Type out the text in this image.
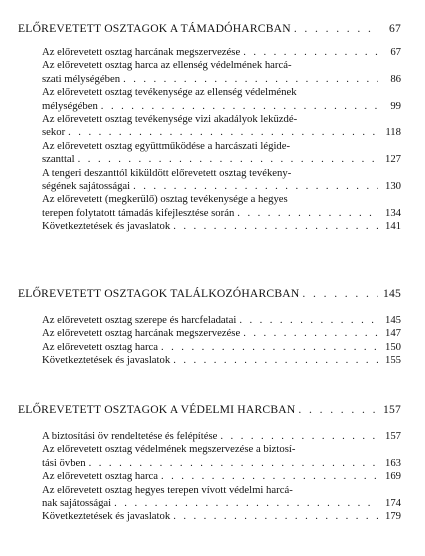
ELŐREVETETT OSZTAGOK A TÁMADÓHARCBAN . . .	67
Az előrevetett osztag harcának megszervezése . . .	67
Az előrevetett osztag harca az ellenség védelmének harcá-
szati mélységében . . .	86
Az előrevetett osztag tevékenysége az ellenség védelmének
mélységében . . .	99
Az előrevetett osztag tevékenysége vizi akadályok leküzdé-
sekor . . .	118
Az előrevetett osztag együttműködése a harcászati légide-
szanttal . . .	127
A tengeri deszanttól kiküldött előrevetett osztag tevékeny-
ségének sajátosságai . . .	130
Az előrevetett (megkerülő) osztag tevékenysége a hegyes
terepen folytatott támadás kifejlesztése során . . .	134
Következtetések és javaslatok . . .	141
ELŐREVETETT OSZTAGOK TALÁLKOZÓHARCBAN . . .	145
Az előrevetett osztag szerepe és harcfeladatai . . .	145
Az előrevetett osztag harcának megszervezése . . .	147
Az előrevetett osztag harca . . .	150
Következtetések és javaslatok . . .	155
ELŐREVETETT OSZTAGOK A VÉDELMI HARCBAN . . .	157
A biztosítási öv rendeltetése és felépítése . . .	157
Az előrevetett osztag védelmének megszervezése a biztosí-
tási övben . . .	163
Az előrevetett osztag harca . . .	169
Az előrevetett osztag hegyes terepen vívott védelmi harcá-
nak sajátosságai . . .	174
Következtetések és javaslatok . . .	179
